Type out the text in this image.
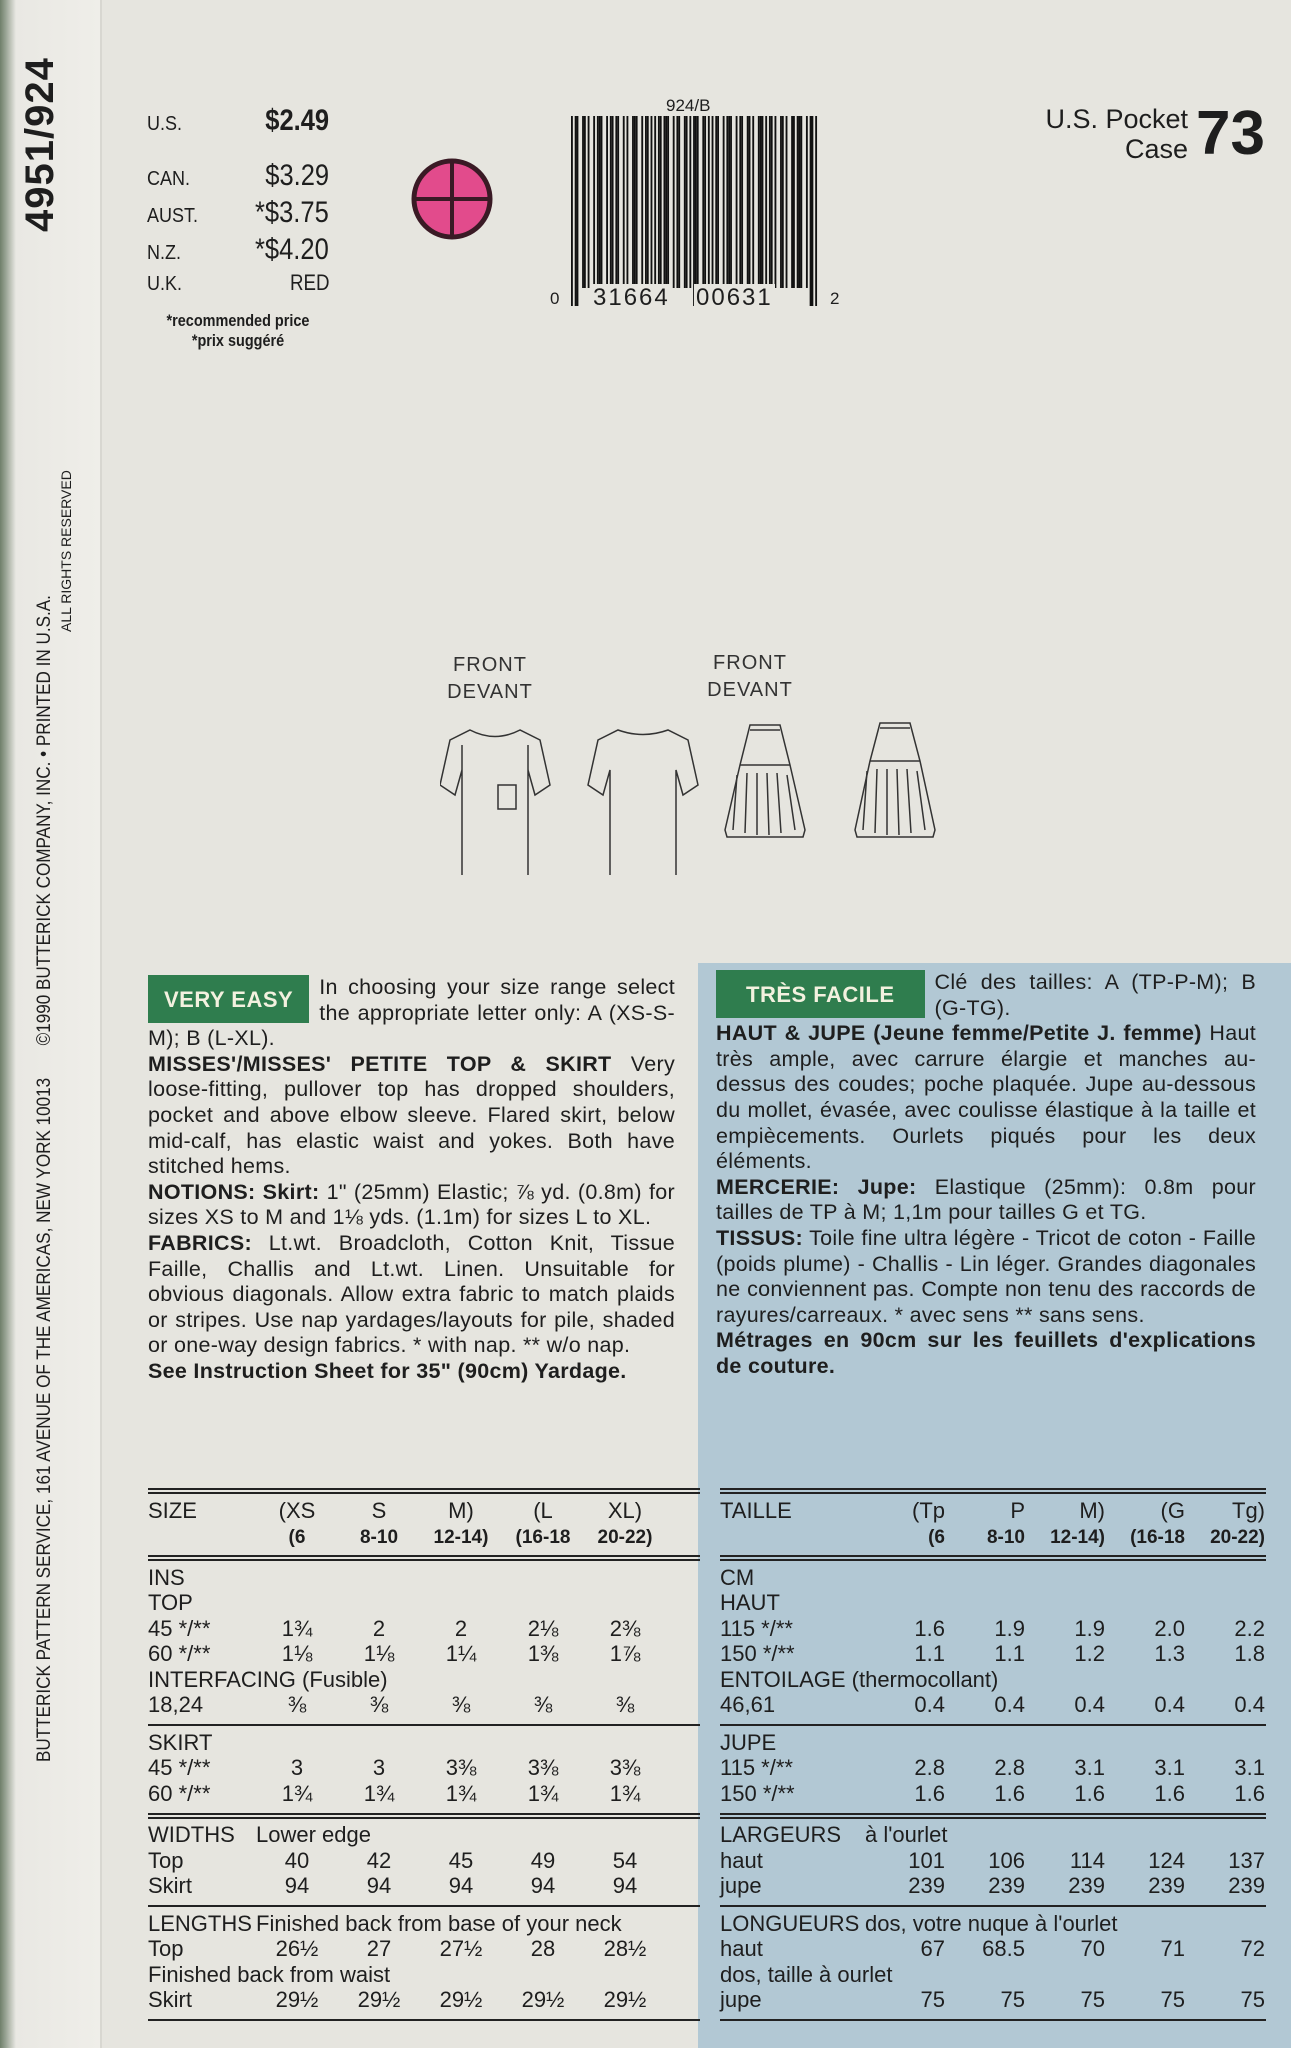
4951/924
BUTTERICK PATTERN SERVICE, 161 AVENUE OF THE AMERICAS, NEW YORK 10013©1990 BUTTERICK COMPANY, INC. • PRINTED IN U.S.A.
ALL RIGHTS RESERVED
U.S.	$2.49
CAN.	$3.29
AUST. *$3.75
N.Z. *$4.20
U.K.	RED
*recommended price
*prix suggéré
924/B
0 31664 00631	2
U.S. Pocket
Case 73
FRONT
DEVANT
FRONT
DEVANT
VERY EASY	In choosing your size range select the appropriate letter only: A (XS-S-M); B (L-XL).
MISSES'/MISSES' PETITE TOP & SKIRT Very loose-fitting, pullover top has dropped shoulders, pocket and above elbow sleeve. Flared skirt, below mid-calf, has elastic waist and yokes. Both have stitched hems.
NOTIONS: Skirt: 1" (25mm) Elastic; ⅞ yd. (0.8m) for sizes XS to M and 1⅛ yds. (1.1m) for sizes L to XL.
FABRICS: Lt.wt. Broadcloth, Cotton Knit, Tissue Faille, Challis and Lt.wt. Linen. Unsuitable for obvious diagonals. Allow extra fabric to match plaids or stripes. Use nap yardages/layouts for pile, shaded or one-way design fabrics. * with nap. ** w/o nap.
See Instruction Sheet for 35" (90cm) Yardage.
TRÈS FACILE	Clé des tailles: A (TP-P-M); B (G-TG).
HAUT & JUPE (Jeune femme/Petite J. femme) Haut très ample, avec carrure élargie et manches au-dessus des coudes; poche plaquée. Jupe au-dessous du mollet, évasée, avec coulisse élastique à la taille et empiècements. Ourlets piqués pour les deux éléments.
MERCERIE: Jupe: Elastique (25mm): 0.8m pour tailles de TP à M; 1,1m pour tailles G et TG.
TISSUS: Toile fine ultra légère - Tricot de coton - Faille (poids plume) - Challis - Lin léger. Grandes diagonales ne conviennent pas. Compte non tenu des raccords de rayures/carreaux. * avec sens ** sans sens.
Métrages en 90cm sur les feuillets d'explications de couture.
SIZE	(XS	S	M)	(L	XL)
(6	8-10	12-14)	(16-18	20-22)
INS
TOP
45 */**	1¾	2	2	2⅛	2⅜
60 */**	1⅛	1⅛	1¼	1⅜	1⅞
INTERFACING (Fusible)
18,24	⅜	⅜	⅜	⅜	⅜
SKIRT
45 */**	3	3	3⅜	3⅜	3⅜
60 */**	1¾	1¾	1¾	1¾	1¾
WIDTHS Lower edge
Top	40	42	45	49	54
Skirt	94	94	94	94	94
LENGTHS Finished back from base of your neck
Top	26½	27	27½	28	28½
Finished back from waist
Skirt	29½	29½	29½	29½	29½
TAILLE	(Tp	P	M)	(G	Tg)
(6	8-10	12-14)	(16-18	20-22)
CM
HAUT
115 */**	1.6	1.9	1.9	2.0	2.2
150 */**	1.1	1.1	1.2	1.3	1.8
ENTOILAGE (thermocollant)
46,61	0.4	0.4	0.4	0.4	0.4
JUPE
115 */**	2.8	2.8	3.1	3.1	3.1
150 */**	1.6	1.6	1.6	1.6	1.6
LARGEURS	à l'ourlet
haut	101	106	114	124	137
jupe	239	239	239	239	239
LONGUEURS dos, votre nuque à l'ourlet
haut	67	68.5	70	71	72
dos, taille à ourlet
jupe	75	75	75	75	75
